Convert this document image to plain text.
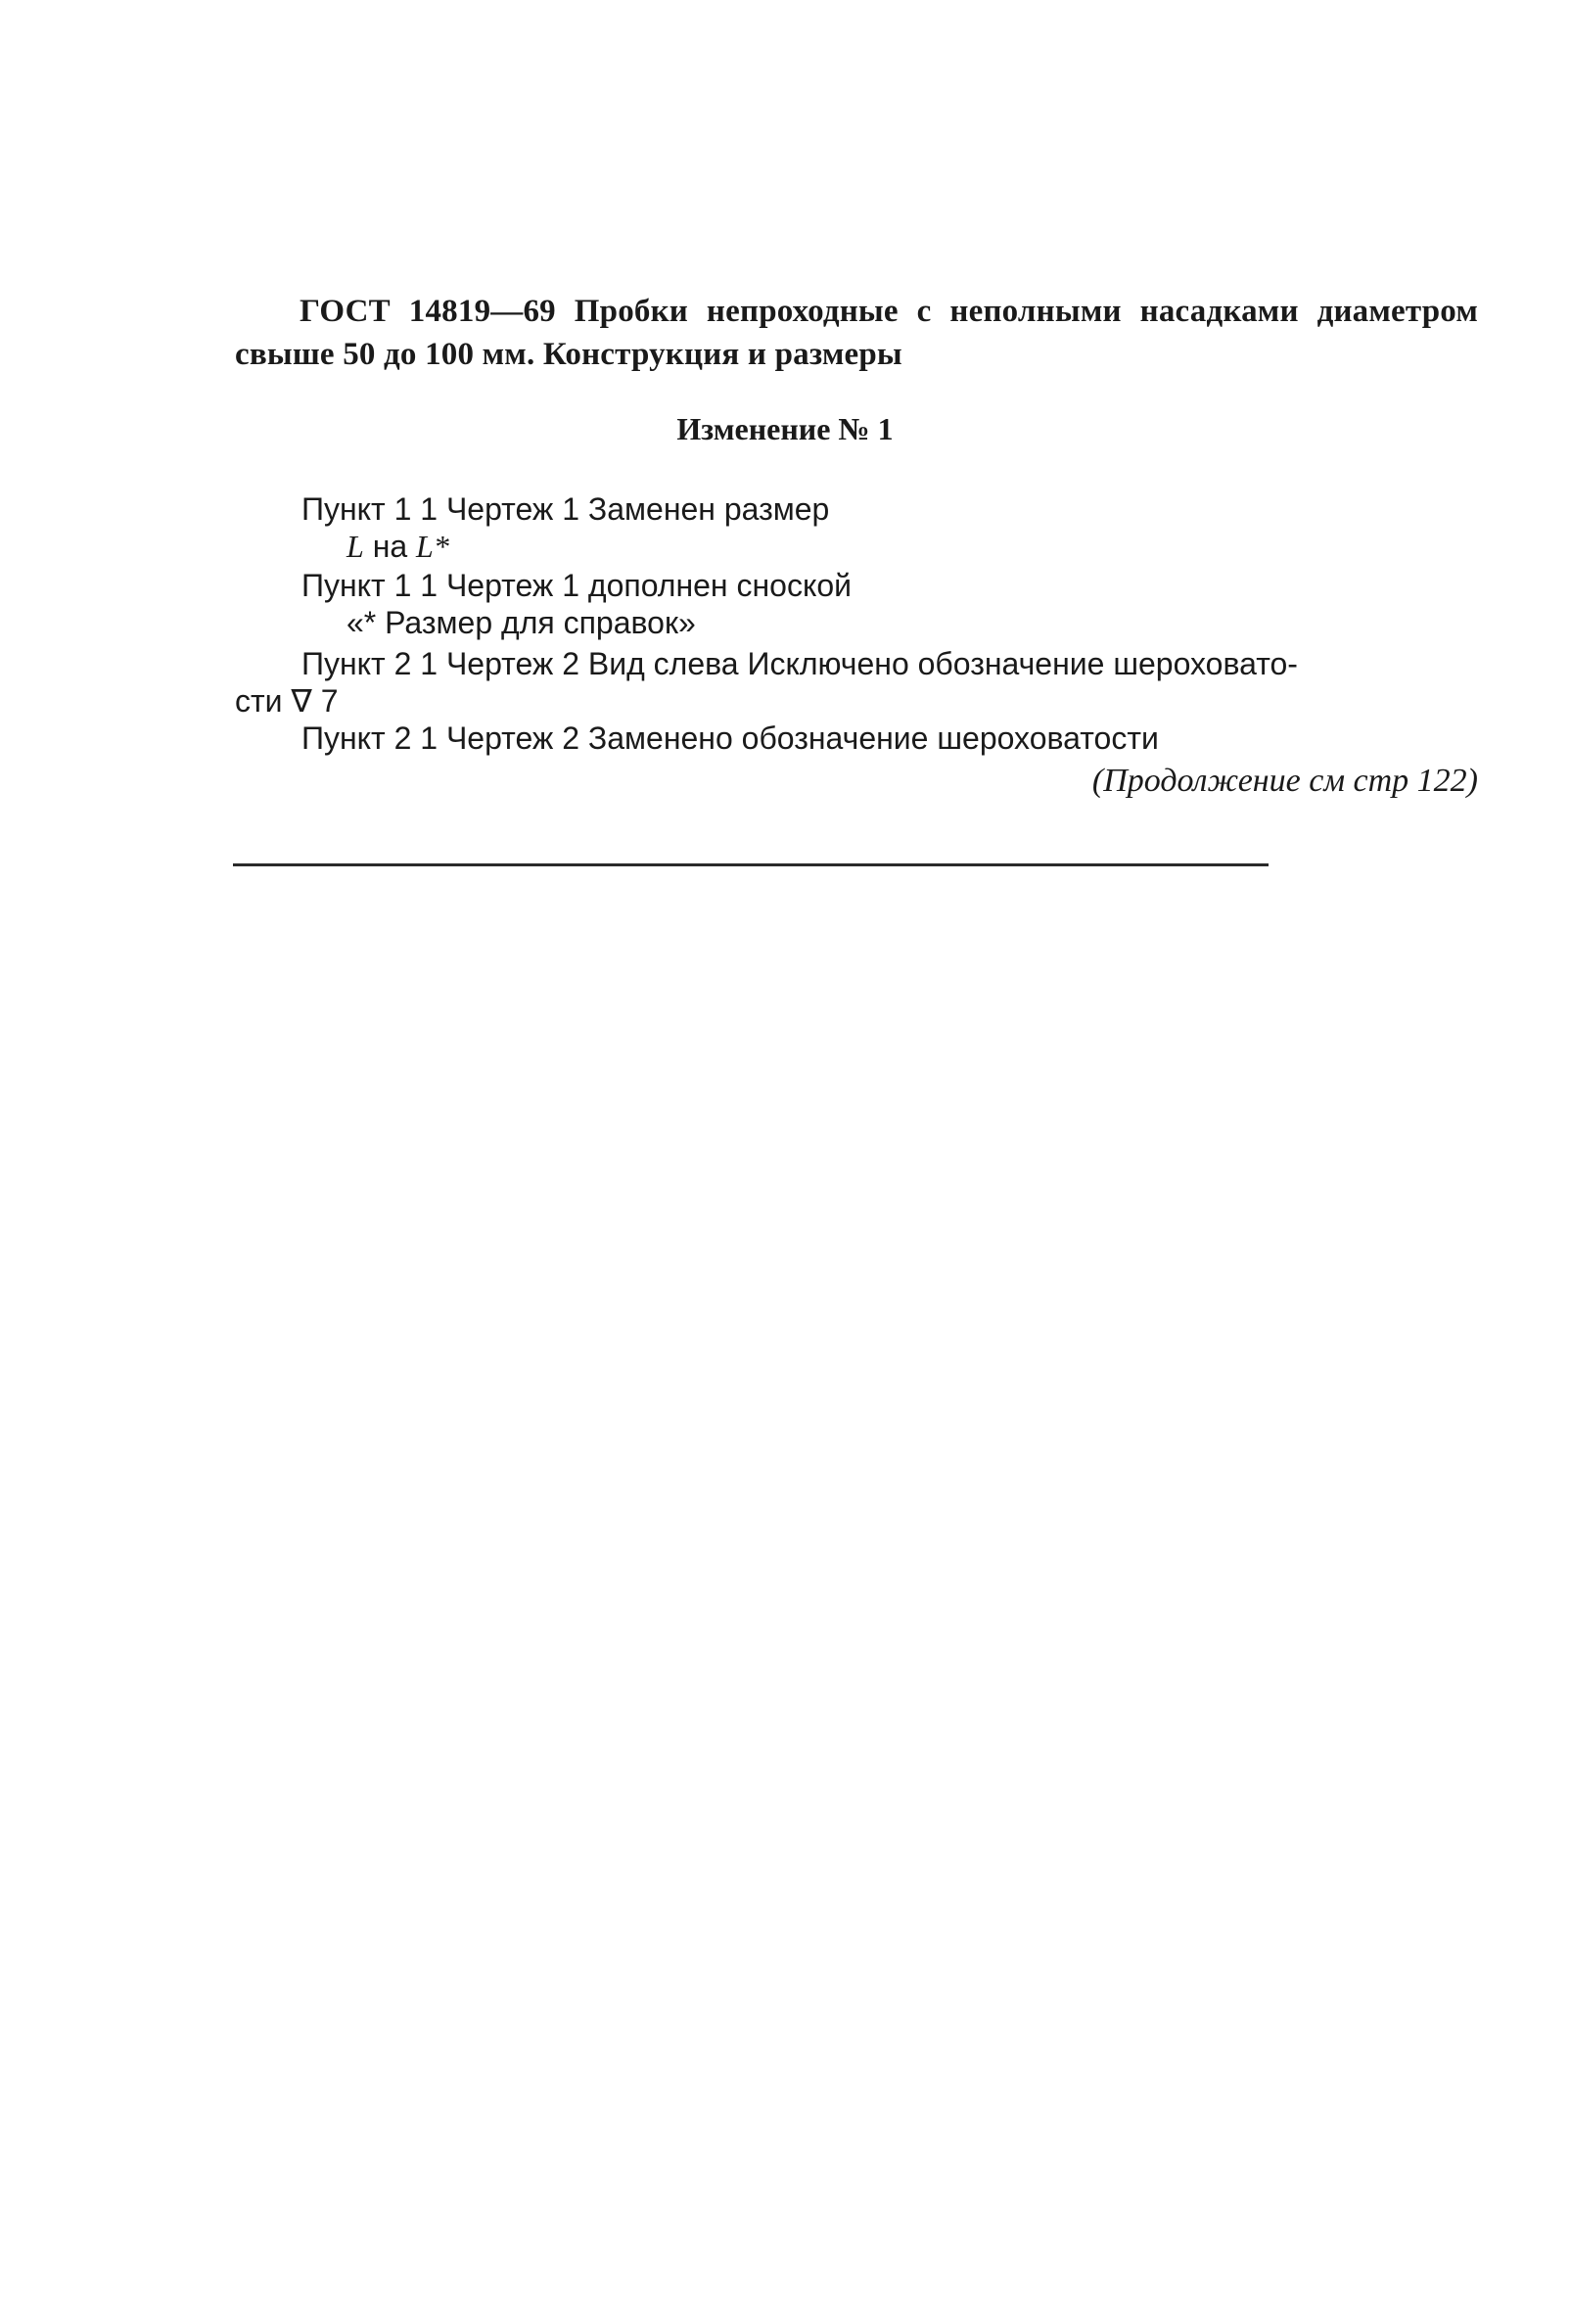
ГОСТ 14819—69 Пробки непроходные с неполными насадками диаметром свыше 50 до 100 мм. Конструкция и размеры
Изменение № 1
Пункт 1 1 Чертеж 1 Заменен размер
L на L*
Пункт 1 1 Чертеж 1 дополнен сноской
«* Размер для справок»
Пункт 2 1 Чертеж 2 Вид слева Исключено обозначение шероховато-
сти ∇ 7
Пункт 2 1 Чертеж 2 Заменено обозначение шероховатости
(Продолжение см стр 122)
